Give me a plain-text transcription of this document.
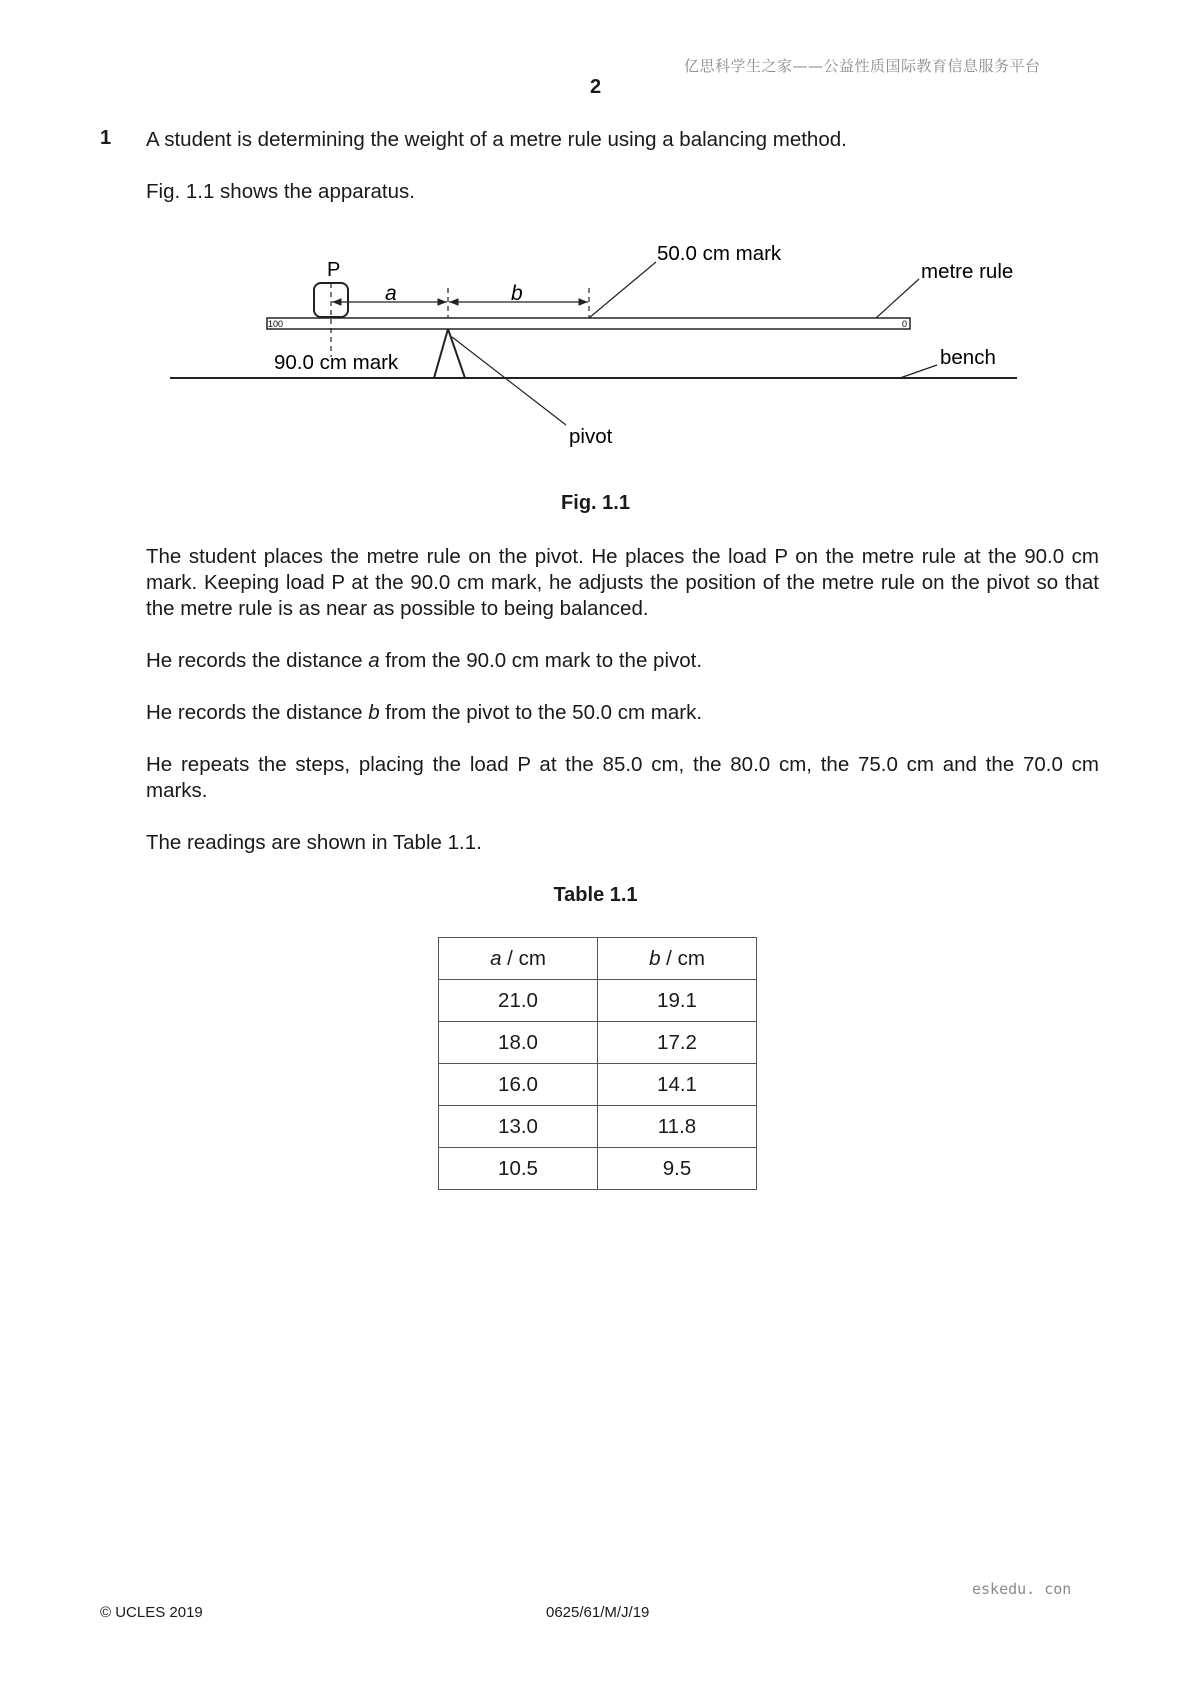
亿思科学生之家——公益性质国际教育信息服务平台
2
1 A student is determining the weight of a metre rule using a balancing method.
Fig. 1.1 shows the apparatus.
100	0
P
a	b
50.0 cm mark
metre rule
90.0 cm mark	bench
pivot
Fig. 1.1
The student places the metre rule on the pivot. He places the load P on the metre rule at the 90.0 cm mark. Keeping load P at the 90.0 cm mark, he adjusts the position of the metre rule on the pivot so that the metre rule is as near as possible to being balanced.
He records the distance a from the 90.0 cm mark to the pivot.
He records the distance b from the pivot to the 50.0 cm mark.
He repeats the steps, placing the load P at the 85.0 cm, the 80.0 cm, the 75.0 cm and the 70.0 cm marks.
The readings are shown in Table 1.1.
Table 1.1
a / cm	b / cm
21.0	19.1
18.0	17.2
16.0	14.1
13.0	11.8
10.5	9.5
eskedu. con
© UCLES 2019	0625/61/M/J/19
